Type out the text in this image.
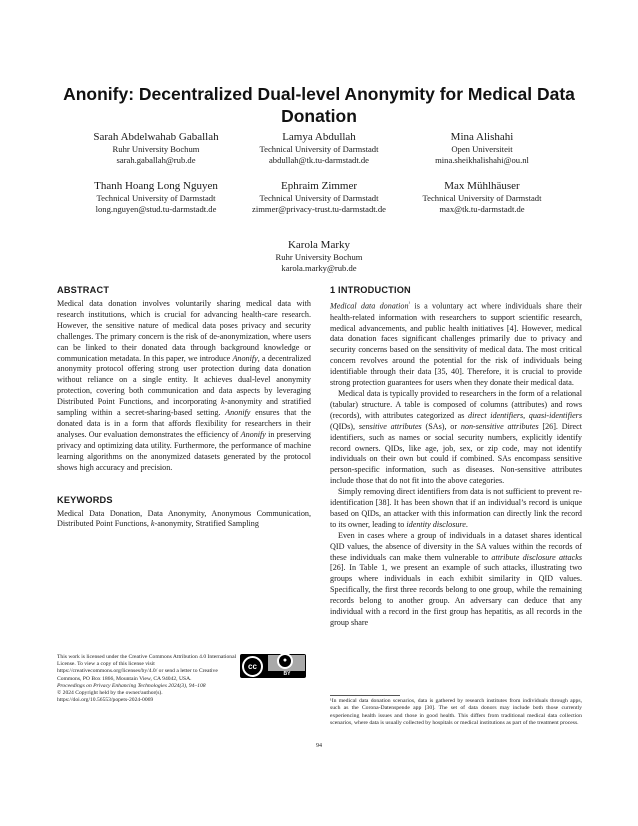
Anonify: Decentralized Dual-level Anonymity for Medical Data Donation
Sarah Abdelwahab Gaballah
Ruhr University Bochum
sarah.gaballah@rub.de
Lamya Abdullah
Technical University of Darmstadt
abdullah@tk.tu-darmstadt.de
Mina Alishahi
Open Universiteit
mina.sheikhalishahi@ou.nl
Thanh Hoang Long Nguyen
Technical University of Darmstadt
long.nguyen@stud.tu-darmstadt.de
Ephraim Zimmer
Technical University of Darmstadt
zimmer@privacy-trust.tu-darmstadt.de
Max Mühlhäuser
Technical University of Darmstadt
max@tk.tu-darmstadt.de
Karola Marky
Ruhr University Bochum
karola.marky@rub.de
ABSTRACT

Medical data donation involves voluntarily sharing medical data with research institutions, which is crucial for advancing health-care research. However, the sensitive nature of medical data poses privacy and security challenges. The primary concern is the risk of de-anonymization, where users can be linked to their donated data through background knowledge or communication metadata. In this paper, we introduce Anonify, a decentralized anonymity protocol offering strong user protection during data donation without reliance on a single entity. It achieves dual-level anonymity protection, covering both communication and data aspects by leveraging Distributed Point Functions, and incorporating k-anonymity and stratified sampling within a secret-sharing-based setting. Anonify ensures that the donated data is in a form that affords flexibility for researchers in their analyses. Our evaluation demonstrates the efficiency of Anonify in preserving privacy and optimizing data utility. Furthermore, the performance of machine learning algorithms on the anonymized datasets generated by the protocol shows high accuracy and precision.

KEYWORDS

Medical Data Donation, Data Anonymity, Anonymous Communication, Distributed Point Functions, k-anonymity, Stratified Sampling

This work is licensed under the Creative Commons Attribution 4.0 International License. To view a copy of this license visit https://creativecommons.org/licenses/by/4.0/ or send a letter to Creative Commons, PO Box 1866, Mountain View, CA 94042, USA.
Proceedings on Privacy Enhancing Technologies 2024(3), 94–108
© 2024 Copyright held by the owner/author(s).
https://doi.org/10.56553/popets-2024-0069
cc
●
BY
1 INTRODUCTION

Medical data donation$^{^1}$ is a voluntary act where individuals share their health-related information with researchers to support scientific research, medical advancements, and public health initiatives [4]. However, medical data donation faces significant challenges primarily due to privacy and security concerns based on the sensitivity of medical data. The most critical concern revolves around the potential for the risk of individuals being identifiable through their data [35, 40]. Therefore, it is crucial to provide strong protection guarantees for users when they donate their medical data.

Medical data is typically provided to researchers in the form of a relational (tabular) structure. A table is composed of columns (attributes) and rows (records), with attributes categorized as direct identifiers, quasi-identifiers (QIDs), sensitive attributes (SAs), or non-sensitive attributes [26]. Direct identifiers, such as names or social security numbers, explicitly identify record owners. QIDs, like age, job, sex, or zip code, may not identify individuals on their own but could if combined. SAs encompass sensitive person-specific information, such as diseases. Non-sensitive attributes include those that do not fit into the above categories.

Simply removing direct identifiers from data is not sufficient to prevent re-identification [38]. It has been shown that if an individual’s record is unique based on QIDs, an attacker with this information can directly link the record to its owner, leading to identity disclosure.

Even in cases where a group of individuals in a dataset shares identical QID values, the absence of diversity in the SA values within the records of these individuals can make them vulnerable to attribute disclosure attacks [26]. In Table 1, we present an example of such attacks, illustrating two groups where individuals in each exhibit similarity in QID values. Specifically, the first three records belong to one group, while the remaining records belong to another group. An adversary can deduce that any individual with a record in the first group has hepatitis, as all records in the group share

¹In medical data donation scenarios, data is gathered by research institutes from individuals through apps, such as the Corona-Datenspende app [30]. The set of data donors may include both those currently experiencing health issues and those in good health. This differs from traditional medical data collection scenarios, where data is usually collected by hospitals or medical institutions as part of the treatment process.
94
